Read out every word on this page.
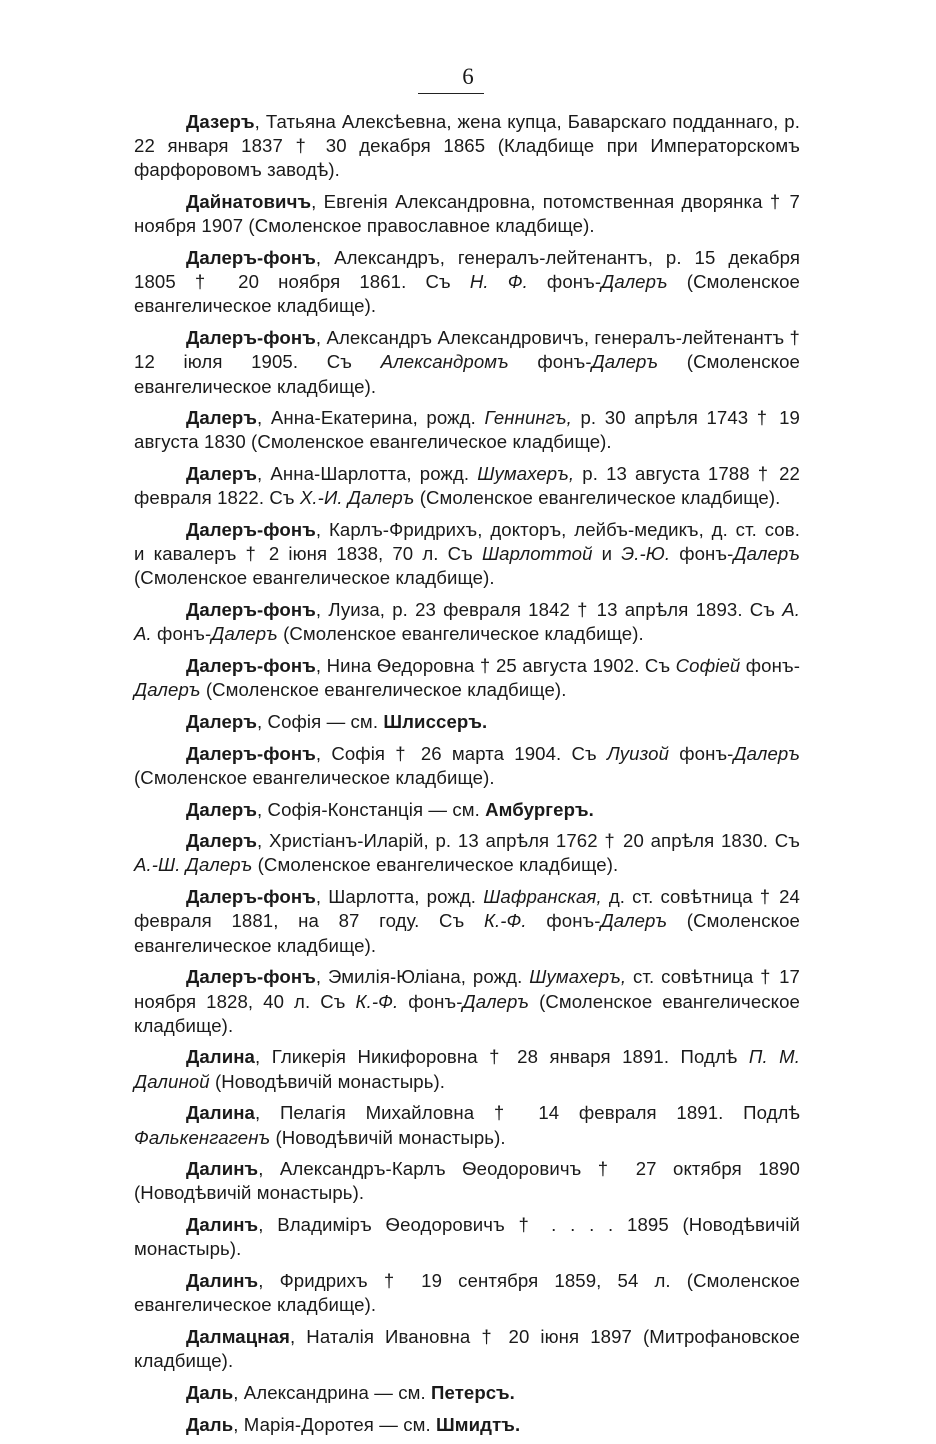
6

Дазеръ, Татьяна Алексѣевна, жена купца, Баварскаго подданнаго, р. 22 января 1837 † 30 декабря 1865 (Кладбище при Императорскомъ фарфоровомъ заводѣ).

Дайнатовичъ, Евгенія Александровна, потомственная дворянка † 7 ноября 1907 (Смоленское православное кладбище).

Далеръ-фонъ, Александръ, генералъ-лейтенантъ, р. 15 декабря 1805 † 20 ноября 1861. Съ Н. Ф. фонъ-Далеръ (Смоленское евангелическое кладбище).

Далеръ-фонъ, Александръ Александровичъ, генералъ-лейтенантъ † 12 іюля 1905. Съ Александромъ фонъ-Далеръ (Смоленское евангелическое кладбище).

Далеръ, Анна-Екатерина, рожд. Геннингъ, р. 30 апрѣля 1743 † 19 августа 1830 (Смоленское евангелическое кладбище).

Далеръ, Анна-Шарлотта, рожд. Шумахеръ, р. 13 августа 1788 † 22 февраля 1822. Съ Х.-И. Далеръ (Смоленское евангелическое кладбище).

Далеръ-фонъ, Карлъ-Фридрихъ, докторъ, лейбъ-медикъ, д. ст. сов. и кавалеръ † 2 іюня 1838, 70 л. Съ Шарлоттой и Э.-Ю. фонъ-Далеръ (Смоленское евангелическое кладбище).

Далеръ-фонъ, Луиза, р. 23 февраля 1842 † 13 апрѣля 1893. Съ А. А. фонъ-Далеръ (Смоленское евангелическое кладбище).

Далеръ-фонъ, Нина Ѳедоровна † 25 августа 1902. Съ Софіей фонъ-Далеръ (Смоленское евангелическое кладбище).

Далеръ, Софія — см. Шлиссеръ.

Далеръ-фонъ, Софія † 26 марта 1904. Съ Луизой фонъ-Далеръ (Смоленское евангелическое кладбище).

Далеръ, Софія-Констанція — см. Амбургеръ.

Далеръ, Христіанъ-Иларій, р. 13 апрѣля 1762 † 20 апрѣля 1830. Съ А.-Ш. Далеръ (Смоленское евангелическое кладбище).

Далеръ-фонъ, Шарлотта, рожд. Шафранская, д. ст. совѣтница † 24 февраля 1881, на 87 году. Съ К.-Ф. фонъ-Далеръ (Смоленское евангелическое кладбище).

Далеръ-фонъ, Эмилія-Юліана, рожд. Шумахеръ, ст. совѣтница † 17 ноября 1828, 40 л. Съ К.-Ф. фонъ-Далеръ (Смоленское евангелическое кладбище).

Далина, Гликерія Никифоровна † 28 января 1891. Подлѣ П. М. Далиной (Новодѣвичій монастырь).

Далина, Пелагія Михайловна † 14 февраля 1891. Подлѣ Фалькенгагенъ (Новодѣвичій монастырь).

Далинъ, Александръ-Карлъ Ѳеодоровичъ † 27 октября 1890 (Новодѣвичій монастырь).

Далинъ, Владиміръ Ѳеодоровичъ † . . . . 1895 (Новодѣвичій монастырь).

Далинъ, Фридрихъ † 19 сентября 1859, 54 л. (Смоленское евангелическое кладбище).

Далмацная, Наталія Ивановна † 20 іюня 1897 (Митрофановское кладбище).

Даль, Александрина — см. Петерсъ.

Даль, Марія-Доротея — см. Шмидтъ.
